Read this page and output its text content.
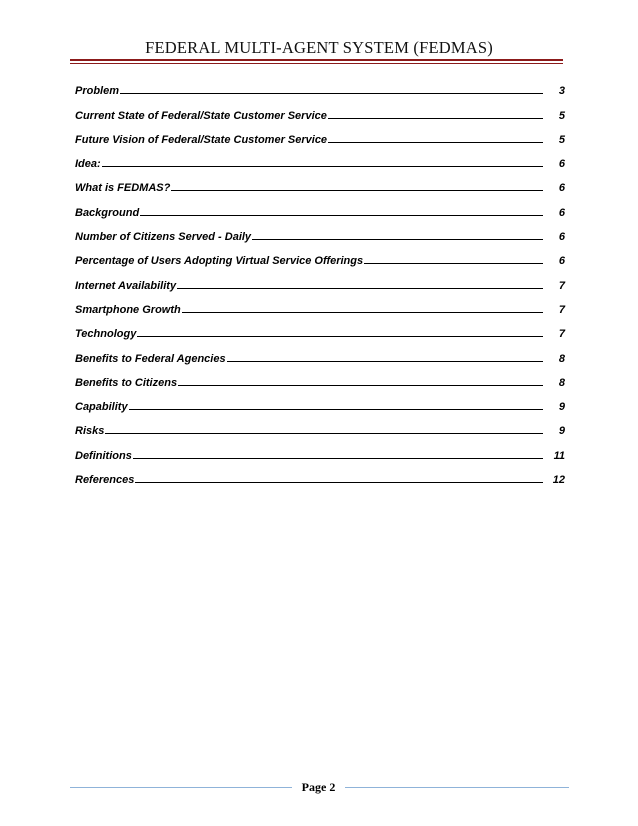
FEDERAL MULTI-AGENT SYSTEM (FEDMAS)
Problem	3
Current State of Federal/State Customer Service	5
Future Vision of Federal/State Customer Service	5
Idea:	6
What is FEDMAS?	6
Background	6
Number of Citizens Served - Daily	6
Percentage of Users Adopting Virtual Service Offerings	6
Internet Availability	7
Smartphone Growth	7
Technology	7
Benefits to Federal Agencies	8
Benefits to Citizens	8
Capability	9
Risks	9
Definitions	11
References	12
Page 2
